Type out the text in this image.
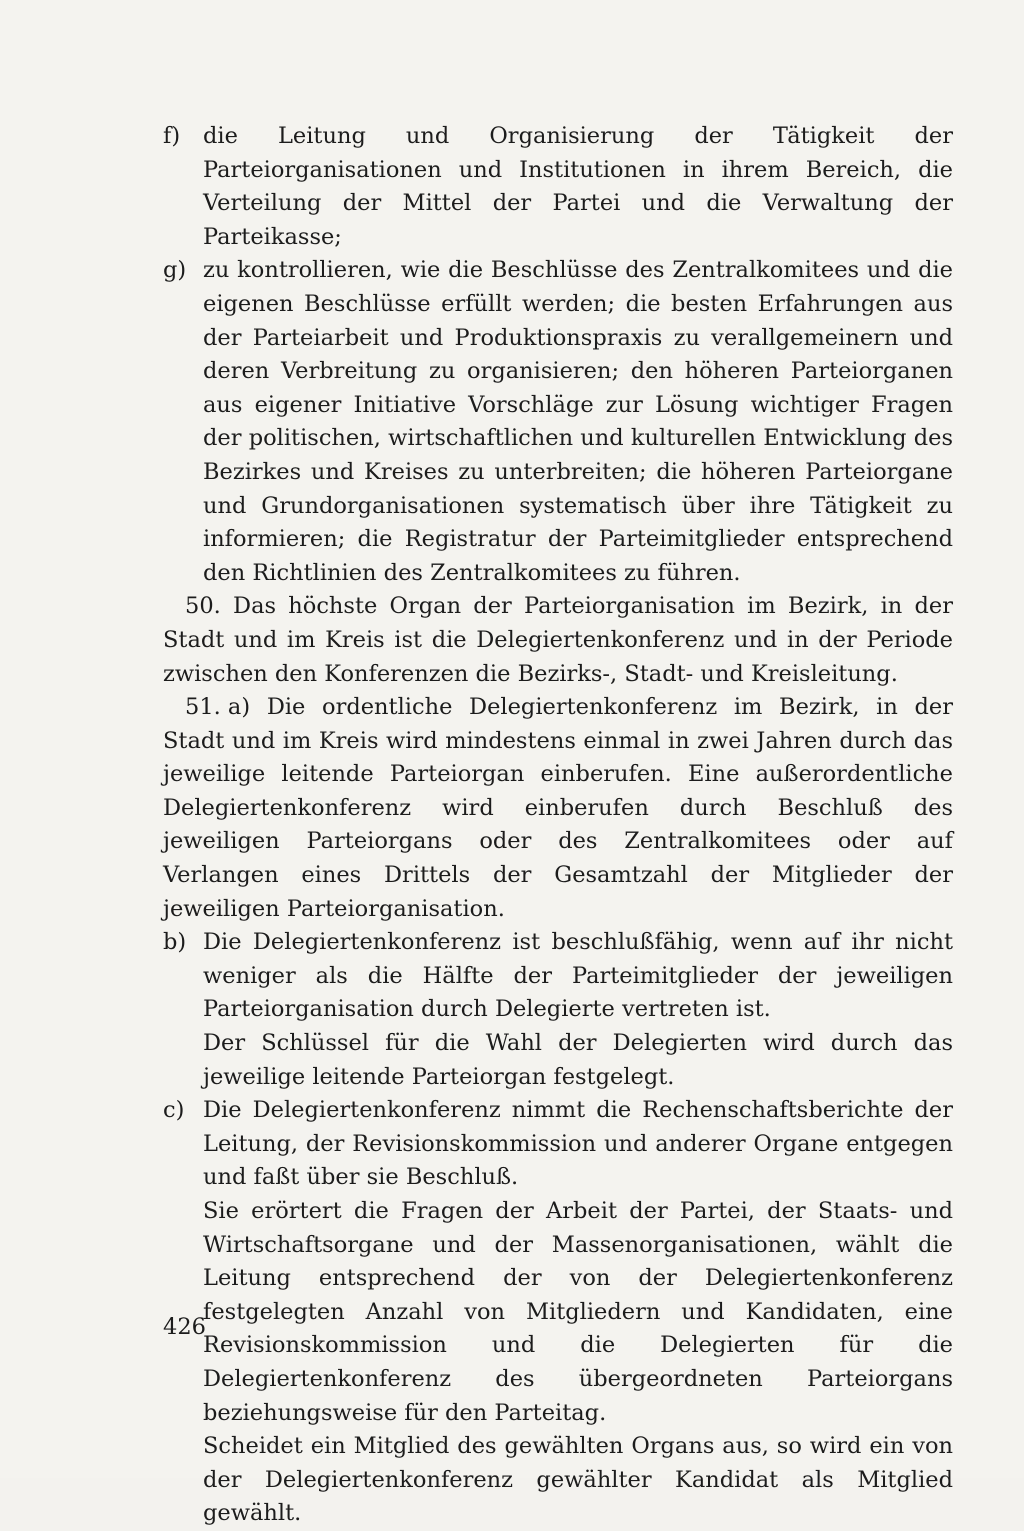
f) die Leitung und Organisierung der Tätigkeit der Parteiorganisationen und Institutionen in ihrem Bereich, die Verteilung der Mittel der Partei und die Verwaltung der Parteikasse;

g) zu kontrollieren, wie die Beschlüsse des Zentralkomitees und die eigenen Beschlüsse erfüllt werden; die besten Erfahrungen aus der Parteiarbeit und Produktionspraxis zu verallgemeinern und deren Verbreitung zu organisieren; den höheren Parteiorganen aus eigener Initiative Vorschläge zur Lösung wichtiger Fragen der politischen, wirtschaftlichen und kulturellen Entwicklung des Bezirkes und Kreises zu unterbreiten; die höheren Parteiorgane und Grundorganisationen systematisch über ihre Tätigkeit zu informieren; die Registratur der Parteimitglieder entsprechend den Richtlinien des Zentralkomitees zu führen.

50. Das höchste Organ der Parteiorganisation im Bezirk, in der Stadt und im Kreis ist die Delegiertenkonferenz und in der Periode zwischen den Konferenzen die Bezirks-, Stadt- und Kreisleitung.

51. a) Die ordentliche Delegiertenkonferenz im Bezirk, in der Stadt und im Kreis wird mindestens einmal in zwei Jahren durch das jeweilige leitende Parteiorgan einberufen. Eine außerordentliche Delegiertenkonferenz wird einberufen durch Beschluß des jeweiligen Parteiorgans oder des Zentralkomitees oder auf Verlangen eines Drittels der Gesamtzahl der Mitglieder der jeweiligen Parteiorganisation.

b) Die Delegiertenkonferenz ist beschlußfähig, wenn auf ihr nicht weniger als die Hälfte der Parteimitglieder der jeweiligen Parteiorganisation durch Delegierte vertreten ist.

Der Schlüssel für die Wahl der Delegierten wird durch das jeweilige leitende Parteiorgan festgelegt.

c) Die Delegiertenkonferenz nimmt die Rechenschaftsberichte der Leitung, der Revisionskommission und anderer Organe entgegen und faßt über sie Beschluß.

Sie erörtert die Fragen der Arbeit der Partei, der Staats- und Wirtschaftsorgane und der Massenorganisationen, wählt die Leitung entsprechend der von der Delegiertenkonferenz festgelegten Anzahl von Mitgliedern und Kandidaten, eine Revisionskommission und die Delegierten für die Delegiertenkonferenz des übergeordneten Parteiorgans beziehungsweise für den Parteitag.

Scheidet ein Mitglied des gewählten Organs aus, so wird ein von der Delegiertenkonferenz gewählter Kandidat als Mitglied gewählt.

426
